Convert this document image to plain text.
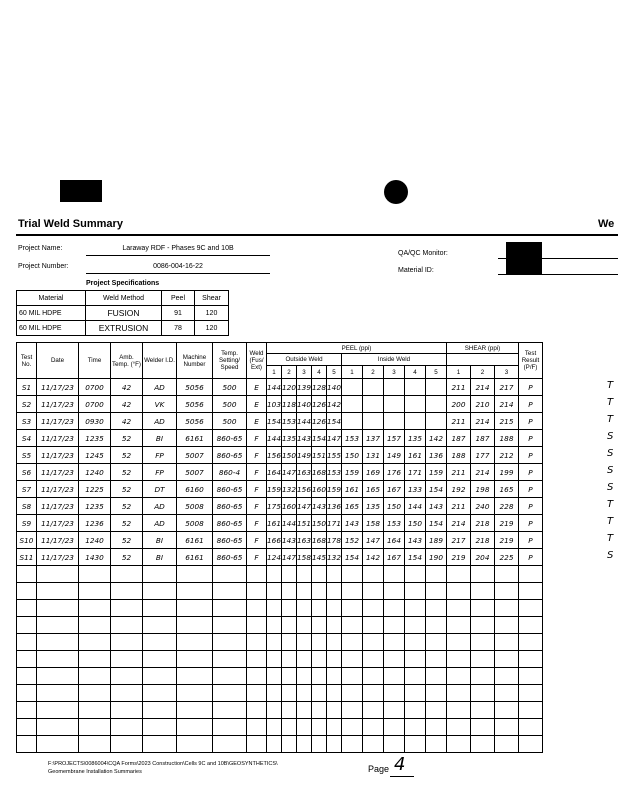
Trial Weld Summary	We
Project Name:	Laraway RDF - Phases 9C and 10B
Project Number:	0086-004-16-22
QA/QC Monitor:
Material ID:
Project Specifications
Material	Weld Method	Peel	Shear
60 MIL HDPE	FUSION	91	120
60 MIL HDPE	EXTRUSION	78	120
Test No.	Date	Time	Amb. Temp. (°F)	Welder I.D.	Machine Number	Temp. Setting/ Speed	Weld (Fus/ Ext)	PEEL (ppi)										SHEAR (ppi)			Test Result (P/F)
								Outside Weld					Inside Weld								
								1	2	3	4	5	1	2	3	4	5	1	2	3	
S1	11/17/23	0700	42	AD	5056	500	E	144	120	139	128	140						211	214	217	P
S2	11/17/23	0700	42	VK	5056	500	E	103	118	140	126	142						200	210	214	P
S3	11/17/23	0930	42	AD	5056	500	E	154	153	144	126	154						211	214	215	P
S4	11/17/23	1235	52	BI	6161	860-65	F	144	135	143	154	147	153	137	157	135	142	187	187	188	P
S5	11/17/23	1245	52	FP	5007	860-65	F	156	150	149	151	155	150	131	149	161	136	188	177	212	P
S6	11/17/23	1240	52	FP	5007	860-4	F	164	147	163	168	153	159	169	176	171	159	211	214	199	P
S7	11/17/23	1225	52	DT	6160	860-65	F	159	132	156	160	159	161	165	167	133	154	192	198	165	P
S8	11/17/23	1235	52	AD	5008	860-65	F	175	160	147	143	136	165	135	150	144	143	211	240	228	P
S9	11/17/23	1236	52	AD	5008	860-65	F	161	144	151	150	171	143	158	153	150	154	214	218	219	P
S10	11/17/23	1240	52	BI	6161	860-65	F	166	143	163	168	178	152	147	164	143	189	217	218	219	P
S11	11/17/23	1430	52	BI	6161	860-65	F	124	147	158	145	132	154	142	167	154	190	219	204	225	P

T
T
T
S
S
S
S
T
T
T
S
F:\PROJECTS\0086004\CQA Forms\2023 Construction\Cells 9C and 10B\GEOSYNTHETICS\
Geomembrane Installation Summaries	Page 4
